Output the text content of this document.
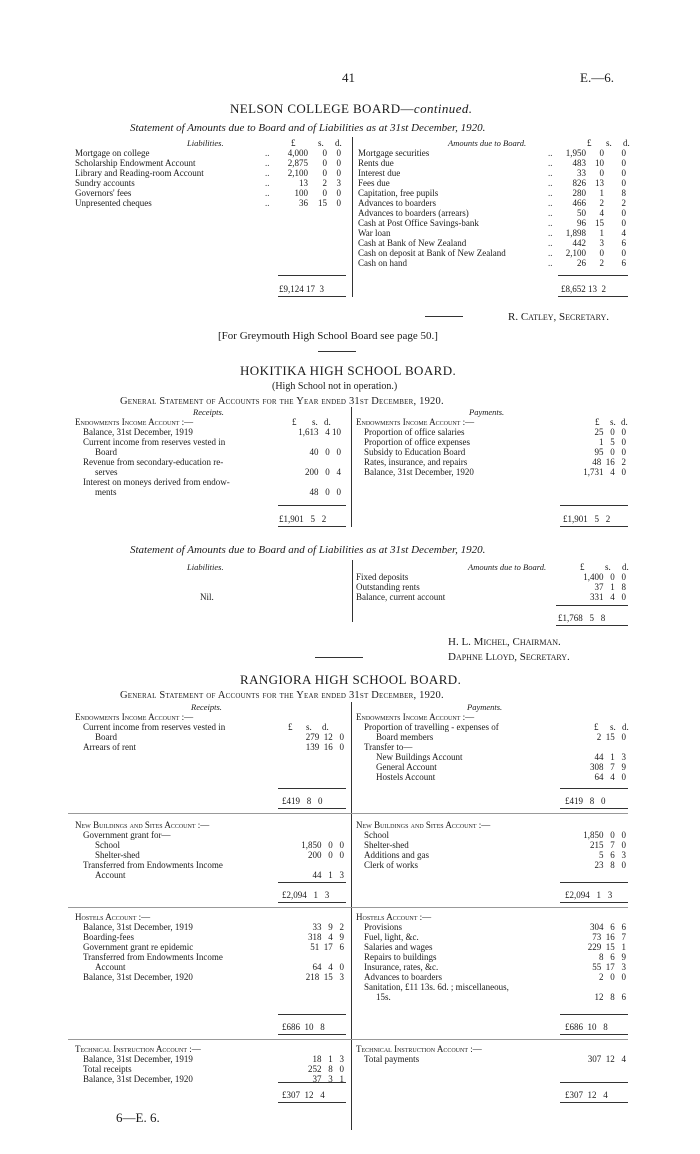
41	E.—6.
NELSON COLLEGE BOARD—continued.
Statement of Amounts due to Board and of Liabilities as at 31st December, 1920.
Liabilities.	Amounts due to Board.
£	s. d.	£ s. d.
Mortgage on college	..	4,000	0	0
Scholarship Endowment Account	..	2,875	0	0
Library and Reading-room Account	..	2,100	0	0
Sundry accounts	..	13	2	3
Governors' fees	..	100	0	0
Unpresented cheques	..	36	15	0
Mortgage securities	..	1,950	0	0
Rents due	..	483	10	0
Interest due	..	33	0	0
Fees due	..	826	13	0
Capitation, free pupils	..	280	1	8
Advances to boarders	..	466	2	2
Advances to boarders (arrears)	..	50	4	0
Cash at Post Office Savings-bank	..	96	15	0
War loan	..	1,898	1	4
Cash at Bank of New Zealand	..	442	3	6
Cash on deposit at Bank of New Zealand	..	2,100	0	0
Cash on hand	..	26	2	6
£9,124 17  3	£8,652 13  2
R. Catley, Secretary.
[For Greymouth High School Board see page 50.]
HOKITIKA HIGH SCHOOL BOARD.
(High School not in operation.)
General Statement of Accounts for the Year ended 31st December, 1920.
Receipts.	Payments.
£ s. d.	£ s. d.
Endowments Income Account :—
Balance, 31st December, 1919	1,613   4 10
Current income from reserves vested in
Board	40   0   0
Revenue from secondary-education re-
serves	200   0   4
Interest on moneys derived from endow-
ments	48   0   0
Endowments Income Account :—
Proportion of office salaries	25   0   0
Proportion of office expenses	1   5   0
Subsidy to Education Board	95   0   0
Rates, insurance, and repairs	48  16   2
Balance, 31st December, 1920	1,731   4   0
£1,901   5   2	£1,901   5   2
Statement of Amounts due to Board and of Liabilities as at 31st December, 1920.
Liabilities.	Amounts due to Board.	£ s. d.
Nil.
Fixed deposits	1,400   0   0
Outstanding rents	37   1   8
Balance, current account	331   4   0
£1,768   5   8
H. L. Michel, Chairman.
Daphne Lloyd, Secretary.
RANGIORA HIGH SCHOOL BOARD.
General Statement of Accounts for the Year ended 31st December, 1920.
Receipts.	Payments.
£ s. d.	£ s. d.
Endowments Income Account :—	Endowments Income Account :—
Current income from reserves vested in
Board	279  12   0
Arrears of rent	139  16   0
Proportion of travelling - expenses of
Board members	2  15   0
Transfer to—
New Buildings Account	44   1   3
General Account	308   7   9
Hostels Account	64   4   0
£419   8   0	£419   8   0
New Buildings and Sites Account :—	New Buildings and Sites Account :—
Government grant for—
School	1,850   0   0
Shelter-shed	200   0   0
Transferred from Endowments Income
Account	44   1   3
School	1,850   0   0
Shelter-shed	215   7   0
Additions and gas	5   6   3
Clerk of works	23   8   0
£2,094   1   3	£2,094   1   3
Hostels Account :—	Hostels Account :—
Balance, 31st December, 1919	33   9   2
Boarding-fees	318   4   9
Government grant re epidemic	51  17   6
Transferred from Endowments Income
Account	64   4   0
Balance, 31st December, 1920	218  15   3
Provisions	304   6   6
Fuel, light, &c.	73  16   7
Salaries and wages	229  15   1
Repairs to buildings	8   6   9
Insurance, rates, &c.	55  17   3
Advances to boarders	2   0   0
Sanitation, £11 13s. 6d. ; miscellaneous,
15s.	12   8   6
£686  10   8	£686  10   8
Technical Instruction Account :—	Technical Instruction Account :—
Balance, 31st December, 1919	18   1   3
Total receipts	252   8   0
Balance, 31st December, 1920	37   3   1
Total payments	307  12   4
£307  12   4	£307  12   4
6—E. 6.
